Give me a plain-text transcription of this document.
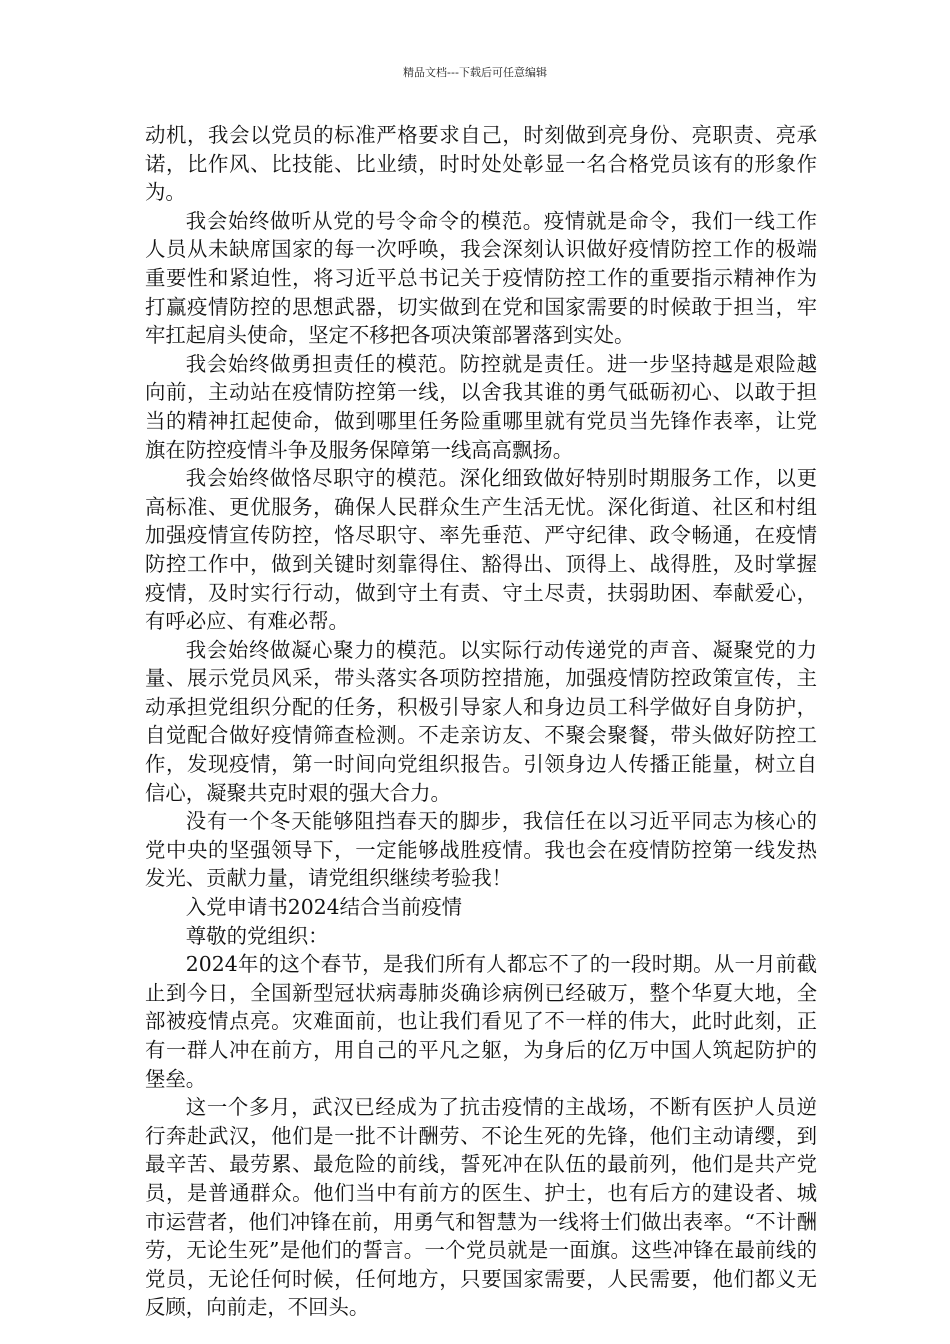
精品文档---下载后可任意编辑

动机，我会以党员的标准严格要求自己，时刻做到亮身份、亮职责、亮承诺，比作风、比技能、比业绩，时时处处彰显一名合格党员该有的形象作为。

我会始终做听从党的号令命令的模范。疫情就是命令，我们一线工作人员从未缺席国家的每一次呼唤，我会深刻认识做好疫情防控工作的极端重要性和紧迫性，将习近平总书记关于疫情防控工作的重要指示精神作为打赢疫情防控的思想武器，切实做到在党和国家需要的时候敢于担当，牢牢扛起肩头使命，坚定不移把各项决策部署落到实处。

我会始终做勇担责任的模范。防控就是责任。进一步坚持越是艰险越向前，主动站在疫情防控第一线，以舍我其谁的勇气砥砺初心、以敢于担当的精神扛起使命，做到哪里任务险重哪里就有党员当先锋作表率，让党旗在防控疫情斗争及服务保障第一线高高飘扬。

我会始终做恪尽职守的模范。深化细致做好特别时期服务工作，以更高标准、更优服务，确保人民群众生产生活无忧。深化街道、社区和村组加强疫情宣传防控，恪尽职守、率先垂范、严守纪律、政令畅通，在疫情防控工作中，做到关键时刻靠得住、豁得出、顶得上、战得胜，及时掌握疫情，及时实行行动，做到守土有责、守土尽责，扶弱助困、奉献爱心，有呼必应、有难必帮。

我会始终做凝心聚力的模范。以实际行动传递党的声音、凝聚党的力量、展示党员风采，带头落实各项防控措施，加强疫情防控政策宣传，主动承担党组织分配的任务，积极引导家人和身边员工科学做好自身防护，自觉配合做好疫情筛查检测。不走亲访友、不聚会聚餐，带头做好防控工作，发现疫情，第一时间向党组织报告。引领身边人传播正能量，树立自信心，凝聚共克时艰的强大合力。

没有一个冬天能够阻挡春天的脚步，我信任在以习近平同志为核心的党中央的坚强领导下，一定能够战胜疫情。我也会在疫情防控第一线发热发光、贡献力量，请党组织继续考验我！

入党申请书2024结合当前疫情

尊敬的党组织：

2024年的这个春节，是我们所有人都忘不了的一段时期。从一月前截止到今日，全国新型冠状病毒肺炎确诊病例已经破万，整个华夏大地，全部被疫情点亮。灾难面前，也让我们看见了不一样的伟大，此时此刻，正有一群人冲在前方，用自己的平凡之躯，为身后的亿万中国人筑起防护的堡垒。

这一个多月，武汉已经成为了抗击疫情的主战场，不断有医护人员逆行奔赴武汉，他们是一批不计酬劳、不论生死的先锋，他们主动请缨，到最辛苦、最劳累、最危险的前线，誓死冲在队伍的最前列，他们是共产党员，是普通群众。他们当中有前方的医生、护士，也有后方的建设者、城市运营者，他们冲锋在前，用勇气和智慧为一线将士们做出表率。“不计酬劳，无论生死”是他们的誓言。一个党员就是一面旗。这些冲锋在最前线的党员，无论任何时候，任何地方，只要国家需要，人民需要，他们都义无反顾，向前走，不回头。
